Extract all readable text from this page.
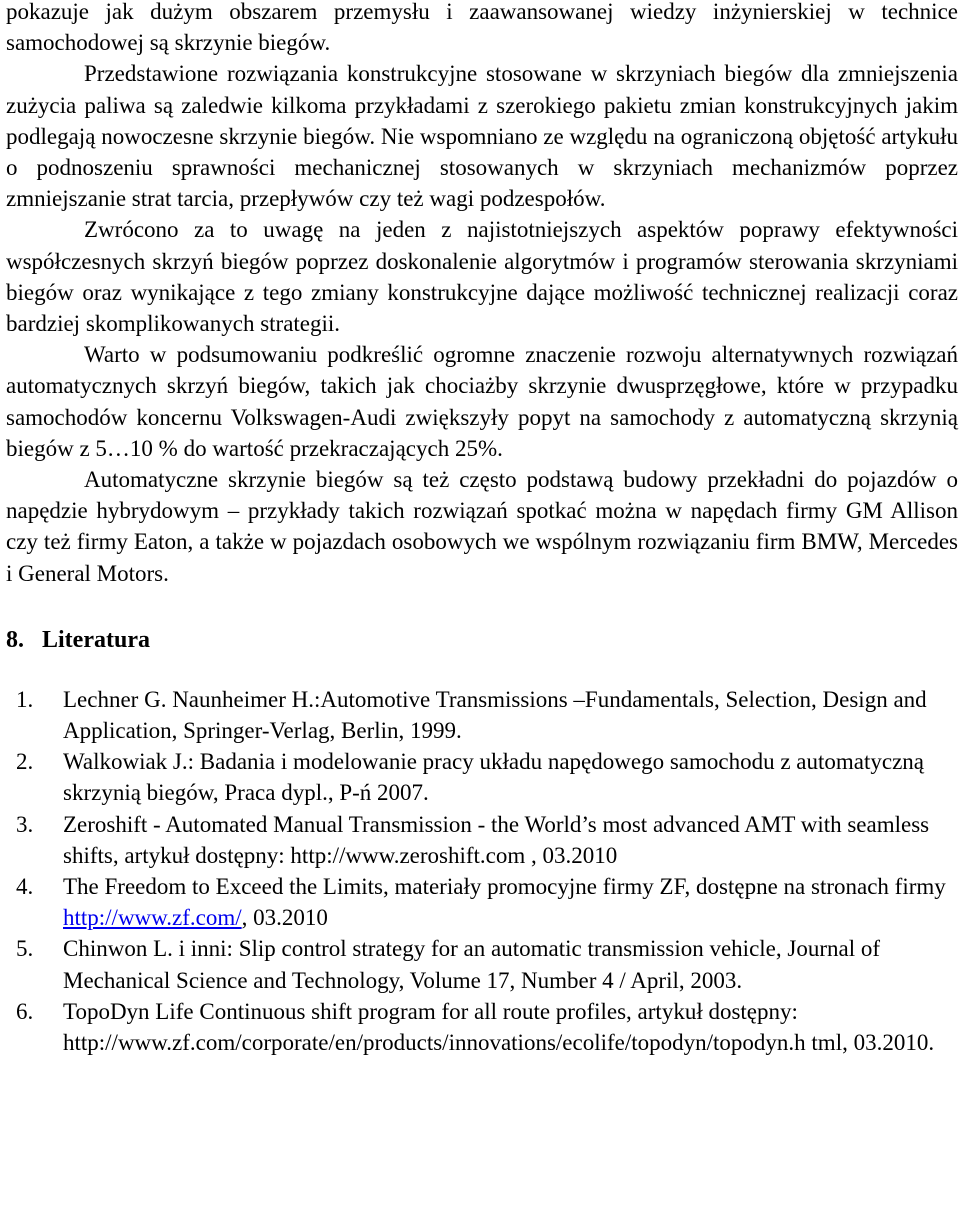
pokazuje jak dużym obszarem przemysłu i zaawansowanej wiedzy inżynierskiej w technice samochodowej są skrzynie biegów.

Przedstawione rozwiązania konstrukcyjne stosowane w skrzyniach biegów dla zmniejszenia zużycia paliwa są zaledwie kilkoma przykładami z szerokiego pakietu zmian konstrukcyjnych jakim podlegają nowoczesne skrzynie biegów. Nie wspomniano ze względu na ograniczoną objętość artykułu o podnoszeniu sprawności mechanicznej stosowanych w skrzyniach mechanizmów poprzez zmniejszanie strat tarcia, przepływów czy też wagi podzespołów.

Zwrócono za to uwagę na jeden z najistotniejszych aspektów poprawy efektywności współczesnych skrzyń biegów poprzez doskonalenie algorytmów i programów sterowania skrzyniami biegów oraz wynikające z tego zmiany konstrukcyjne dające możliwość technicznej realizacji coraz bardziej skomplikowanych strategii.

Warto w podsumowaniu podkreślić ogromne znaczenie rozwoju alternatywnych rozwiązań automatycznych skrzyń biegów, takich jak chociażby skrzynie dwusprzęgłowe, które w przypadku samochodów koncernu Volkswagen-Audi zwiększyły popyt na samochody z automatyczną skrzynią biegów z 5…10 % do wartość przekraczających 25%.

Automatyczne skrzynie biegów są też często podstawą budowy przekładni do pojazdów o napędzie hybrydowym – przykłady takich rozwiązań spotkać można w napędach firmy GM Allison czy też firmy Eaton, a także w pojazdach osobowych we wspólnym rozwiązaniu firm BMW, Mercedes i General Motors.

8. Literatura
1. Lechner G. Naunheimer H.:Automotive Transmissions –Fundamentals, Selection, Design and Application, Springer-Verlag, Berlin, 1999.
2. Walkowiak J.: Badania i modelowanie pracy układu napędowego samochodu z automatyczną skrzynią biegów, Praca dypl., P-ń 2007.
3. Zeroshift - Automated Manual Transmission - the World’s most advanced AMT with seamless shifts, artykuł dostępny: http://www.zeroshift.com , 03.2010
4. The Freedom to Exceed the Limits, materiały promocyjne firmy ZF, dostępne na stronach firmy http://www.zf.com/, 03.2010
5. Chinwon L. i inni: Slip control strategy for an automatic transmission vehicle, Journal of Mechanical Science and Technology, Volume 17, Number 4 / April, 2003.
6. TopoDyn Life Continuous shift program for all route profiles, artykuł dostępny: http://www.zf.com/corporate/en/products/innovations/ecolife/topodyn/topodyn.h tml, 03.2010.
